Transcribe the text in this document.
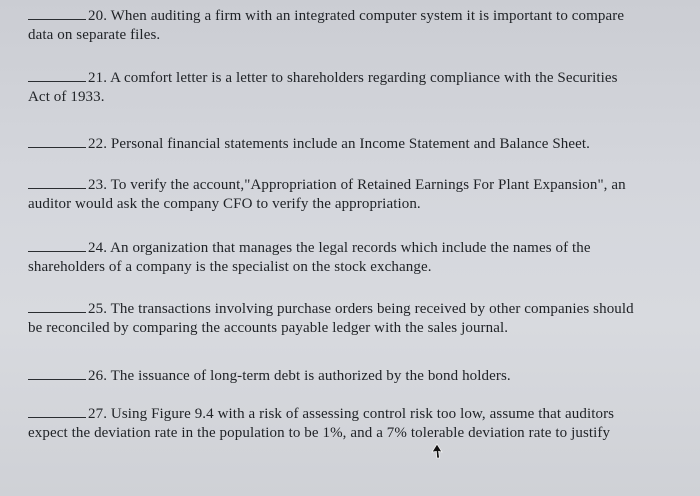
20. When auditing a firm with an integrated computer system it is important to compare
data on separate files.
21. A comfort letter is a letter to shareholders regarding compliance with the Securities
Act of 1933.
22. Personal financial statements include an Income Statement and Balance Sheet.
23. To verify the account,"Appropriation of Retained Earnings For Plant Expansion", an
auditor would ask the company CFO to verify the appropriation.
24. An organization that manages the legal records which include the names of the
shareholders of a company is the specialist on the stock exchange.
25. The transactions involving purchase orders being received by other companies should
be reconciled by comparing the accounts payable ledger with the sales journal.
26. The issuance of long-term debt is authorized by the bond holders.
27. Using Figure 9.4 with a risk of assessing control risk too low, assume that auditors
expect the deviation rate in the population to be 1%, and a 7% tolerable deviation rate to justify
